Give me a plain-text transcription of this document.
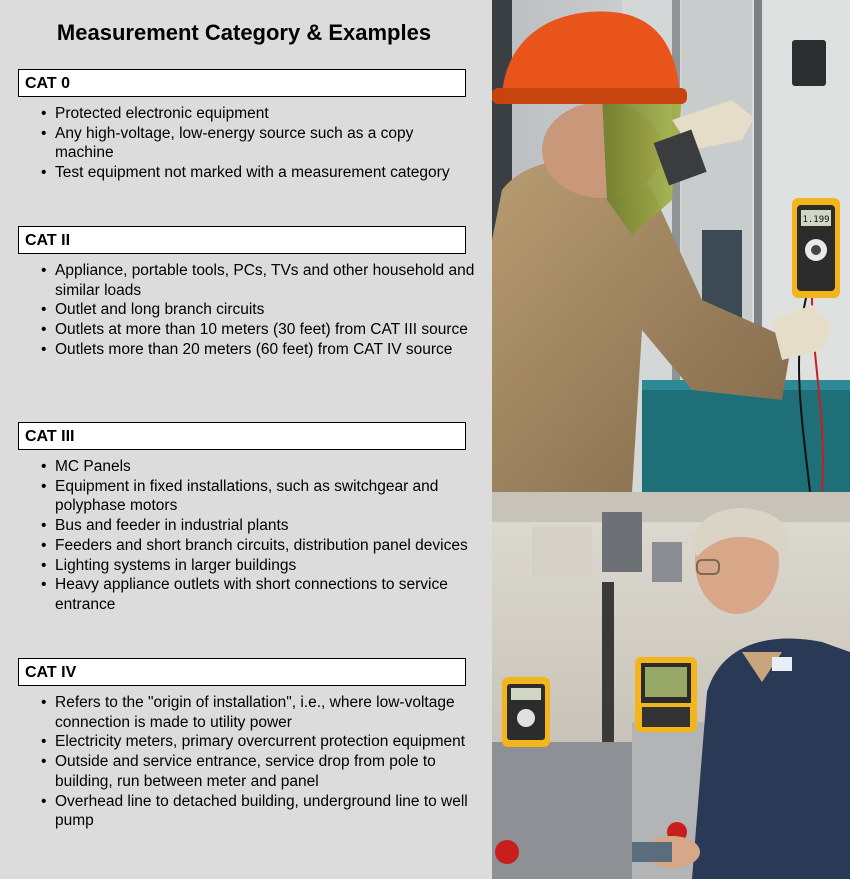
Measurement Category & Examples
CAT 0
• Protected electronic equipment
• Any high-voltage, low-energy source such as a copy machine
• Test equipment not marked with a measurement category
CAT II
• Appliance, portable tools, PCs, TVs and other household and similar loads
• Outlet and long branch circuits
• Outlets at more than 10 meters (30 feet) from CAT III source
• Outlets more than 20 meters (60 feet) from CAT IV source
CAT III
• MC Panels
• Equipment in fixed installations, such as switchgear and polyphase motors
• Bus and feeder in industrial plants
• Feeders and short branch circuits, distribution panel devices
• Lighting systems in larger buildings
• Heavy appliance outlets with short connections to service entrance
CAT IV
• Refers to the "origin of installation", i.e., where low-voltage connection is made to utility power
• Electricity meters, primary overcurrent protection equipment
• Outside and service entrance, service drop from pole to building, run between meter and panel
• Overhead line to detached building, underground line to well pump
1.199
